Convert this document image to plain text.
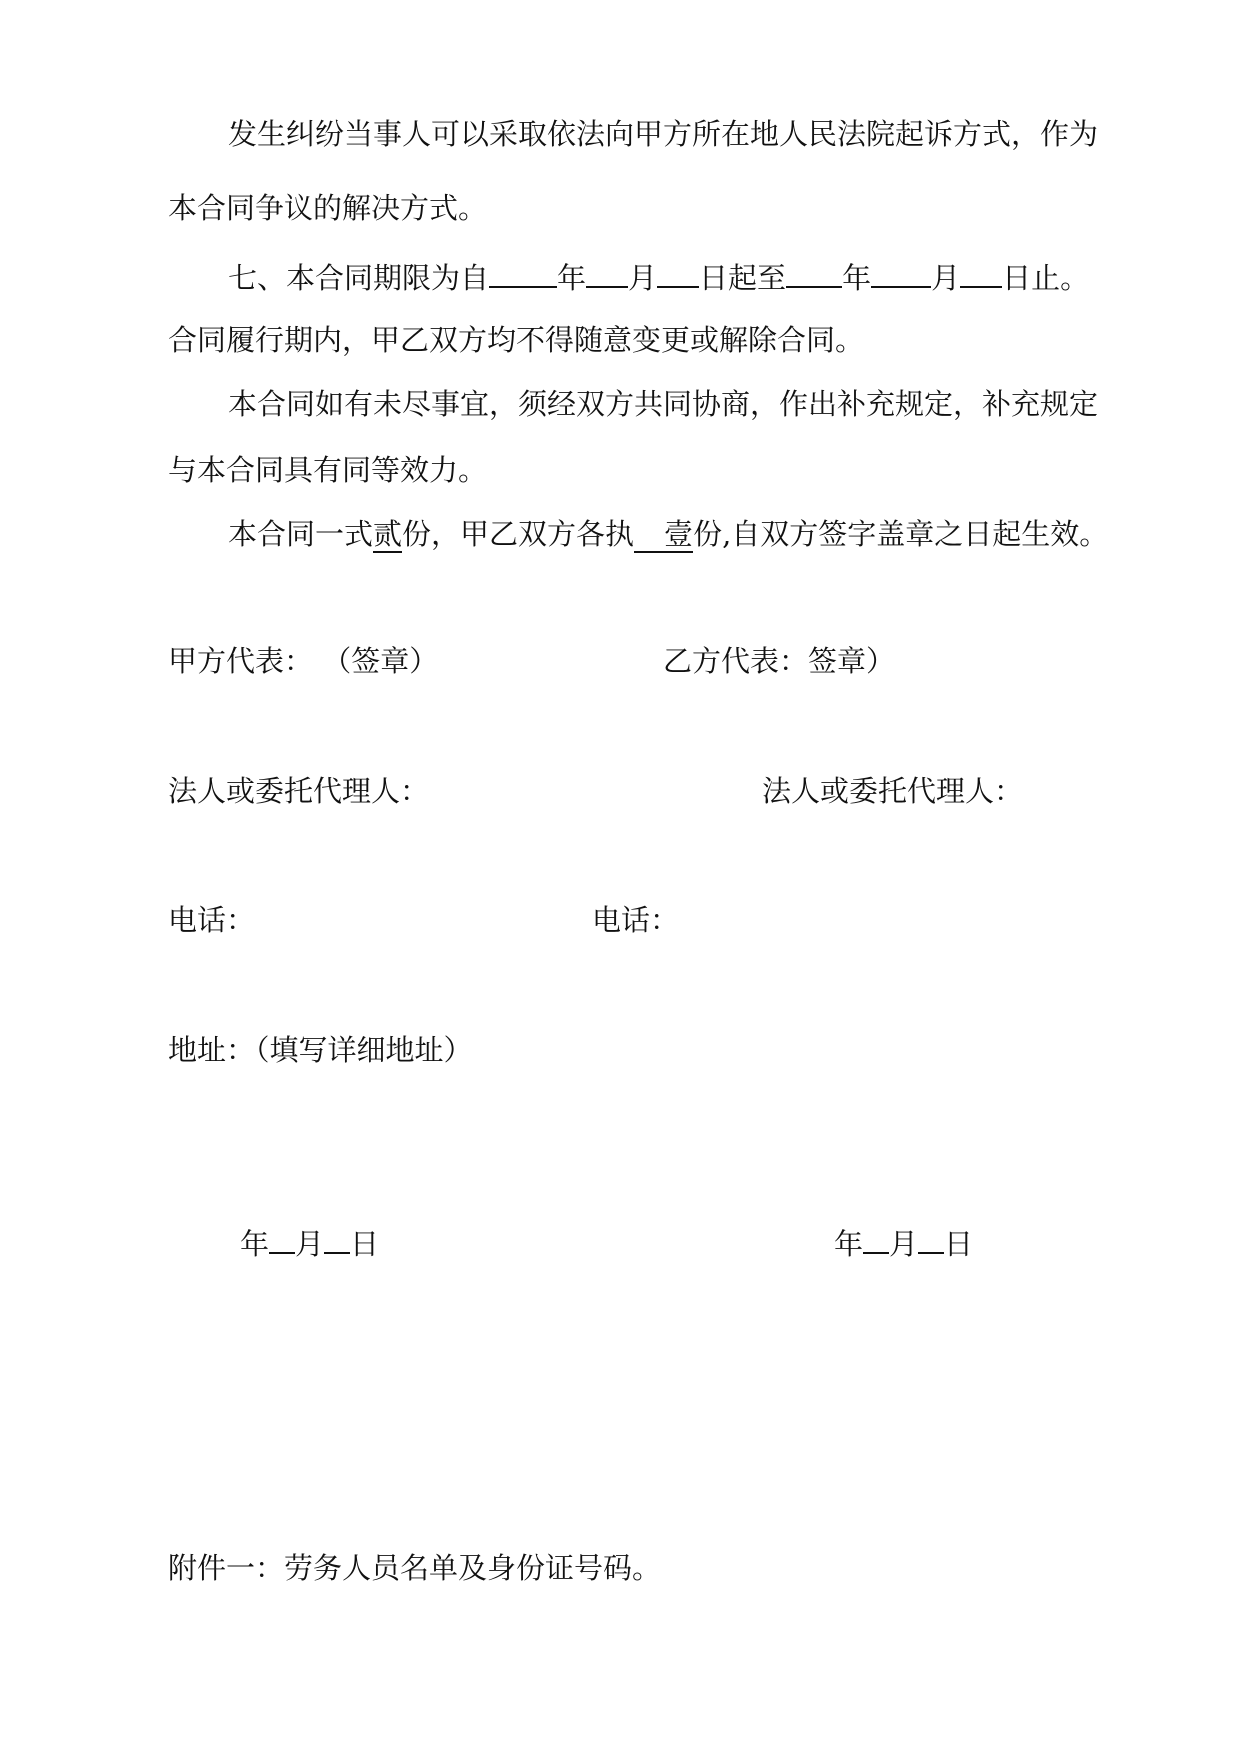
发生纠纷当事人可以采取依法向甲方所在地人民法院起诉方式，作为
本合同争议的解决方式。
七、本合同期限为自 年 月 日起至 年 月 日止。
合同履行期内，甲乙双方均不得随意变更或解除合同。
本合同如有未尽事宜，须经双方共同协商，作出补充规定，补充规定
与本合同具有同等效力。
本合同一式贰份，甲乙双方各执 壹份,自双方签字盖章之日起生效。
甲方代表： （签章）	乙方代表：签章）
法人或委托代理人：	法人或委托代理人：
电话：	电话：
地址：（填写详细地址）
年 月 日	年 月 日
附件一：劳务人员名单及身份证号码。
